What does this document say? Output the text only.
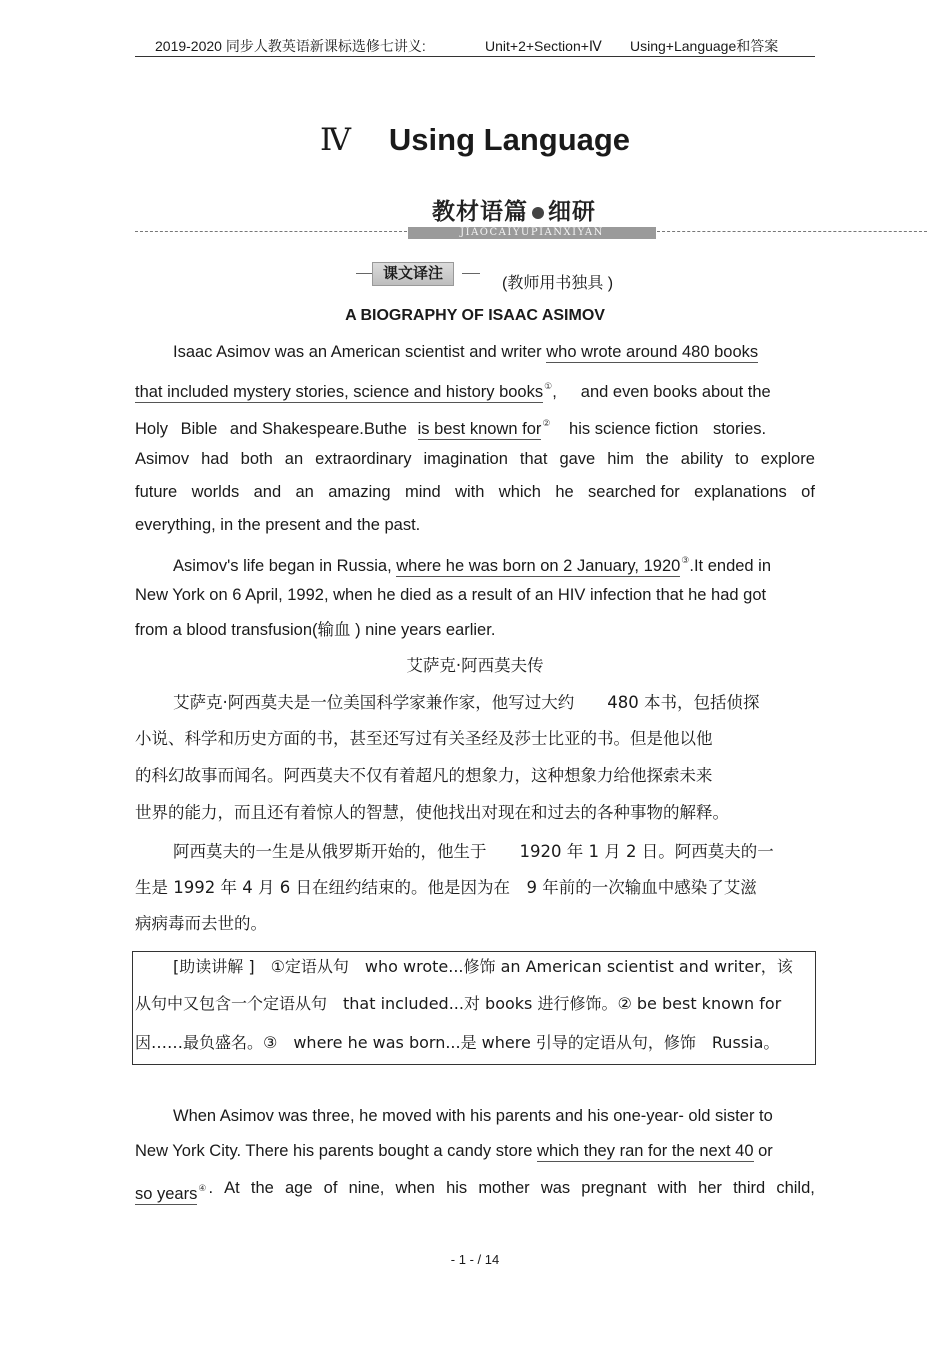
2019-2020 同步人教英语新课标选修七讲义:	Unit+2+Section+Ⅳ Using+Language和答案
Ⅳ Using Language
教材语篇 细研
JIAOCAIYUPIANXIYAN
课文译注
(教师用书独具 )
A BIOGRAPHY OF ISAAC ASIMOV
Isaac Asimov was an American scientist and writer who wrote around 480 books
that included mystery stories, science and history books①, and even books about the
Holy Bible and Shakespeare.Buthe is best known for② his science fiction stories.
Asimov had both an extraordinary imagination that gave him the ability to explore
future worlds and an amazing mind with which he searched for explanations of
everything, in the present and the past.
Asimov's life began in Russia, where he was born on 2 January, 1920③.It ended in
New York on 6 April, 1992, when he died as a result of an HIV infection that he had got
from a blood transfusion(输血 ) nine years earlier.
艾萨克·阿西莫夫传
艾萨克·阿西莫夫是一位美国科学家兼作家，他写过大约　　480 本书，包括侦探
小说、科学和历史方面的书，甚至还写过有关圣经及莎士比亚的书。但是他以他
的科幻故事而闻名。阿西莫夫不仅有着超凡的想象力，这种想象力给他探索未来
世界的能力，而且还有着惊人的智慧，使他找出对现在和过去的各种事物的解释。
阿西莫夫的一生是从俄罗斯开始的，他生于　　1920 年 1 月 2 日。阿西莫夫的一
生是 1992 年 4 月 6 日在纽约结束的。他是因为在　9 年前的一次输血中感染了艾滋
病病毒而去世的。
[助读讲解 ]　①定语从句　who wrote...修饰 an American scientist and writer，该
从句中又包含一个定语从句　that included...对 books 进行修饰。② be best known for
因……最负盛名。③　where he was born...是 where 引导的定语从句，修饰　Russia。
When Asimov was three, he moved with his parents and his one-year- old sister to
New York City. There his parents bought a candy store which they ran for the next 40 or
so years④ . At the age of nine, when his mother was pregnant with her third child,
- 1 - / 14
